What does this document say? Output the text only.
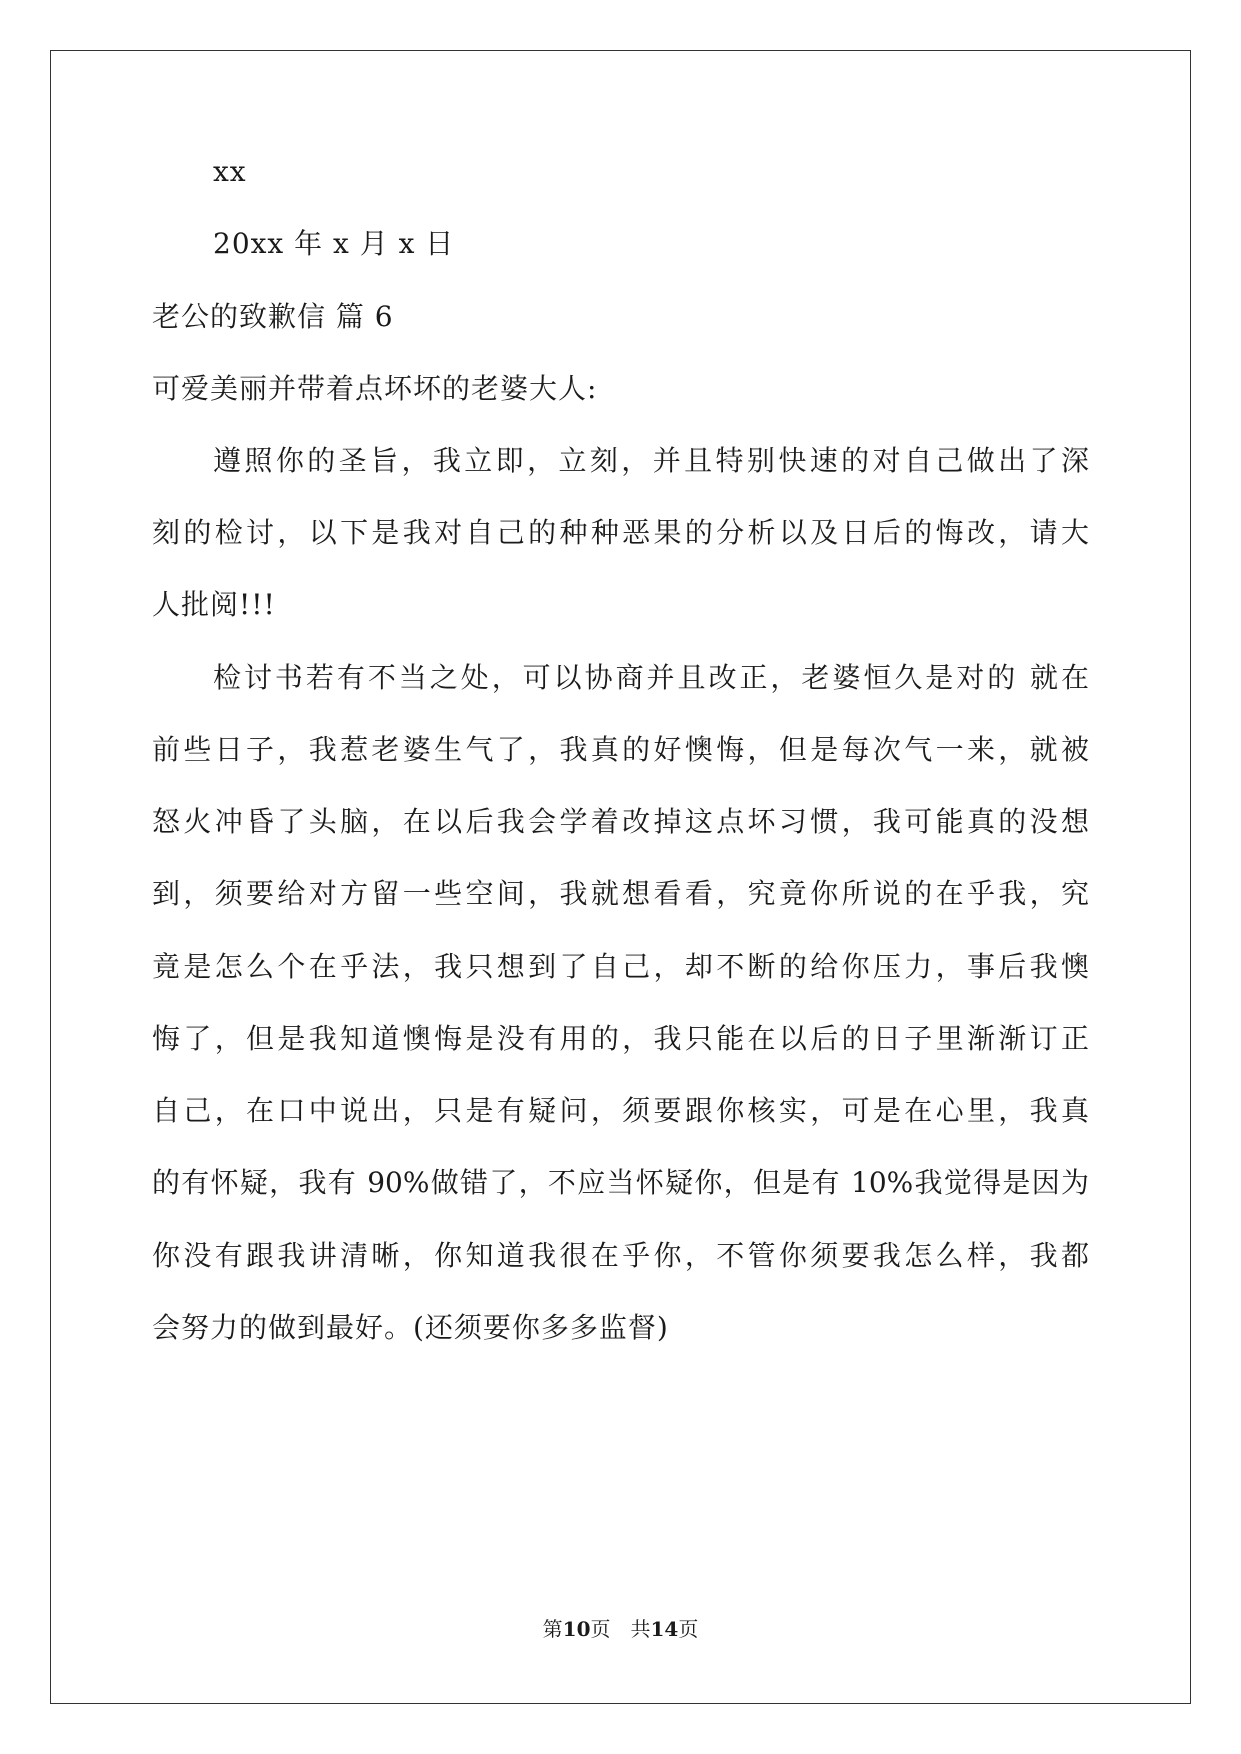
xx
20xx 年 x 月 x 日
老公的致歉信 篇 6
可爱美丽并带着点坏坏的老婆大人:
遵照你的圣旨，我立即，立刻，并且特别快速的对自己做出了深
刻的检讨，以下是我对自己的种种恶果的分析以及日后的悔改，请大
人批阅!!!
检讨书若有不当之处，可以协商并且改正，老婆恒久是对的 就在
前些日子，我惹老婆生气了，我真的好懊悔，但是每次气一来，就被
怒火冲昏了头脑，在以后我会学着改掉这点坏习惯，我可能真的没想
到，须要给对方留一些空间，我就想看看，究竟你所说的在乎我，究
竟是怎么个在乎法，我只想到了自己，却不断的给你压力，事后我懊
悔了，但是我知道懊悔是没有用的，我只能在以后的日子里渐渐订正
自己，在口中说出，只是有疑问，须要跟你核实，可是在心里，我真
的有怀疑，我有 90%做错了，不应当怀疑你，但是有 10%我觉得是因为
你没有跟我讲清晰，你知道我很在乎你，不管你须要我怎么样，我都
会努力的做到最好。(还须要你多多监督)
第10页　共14页
